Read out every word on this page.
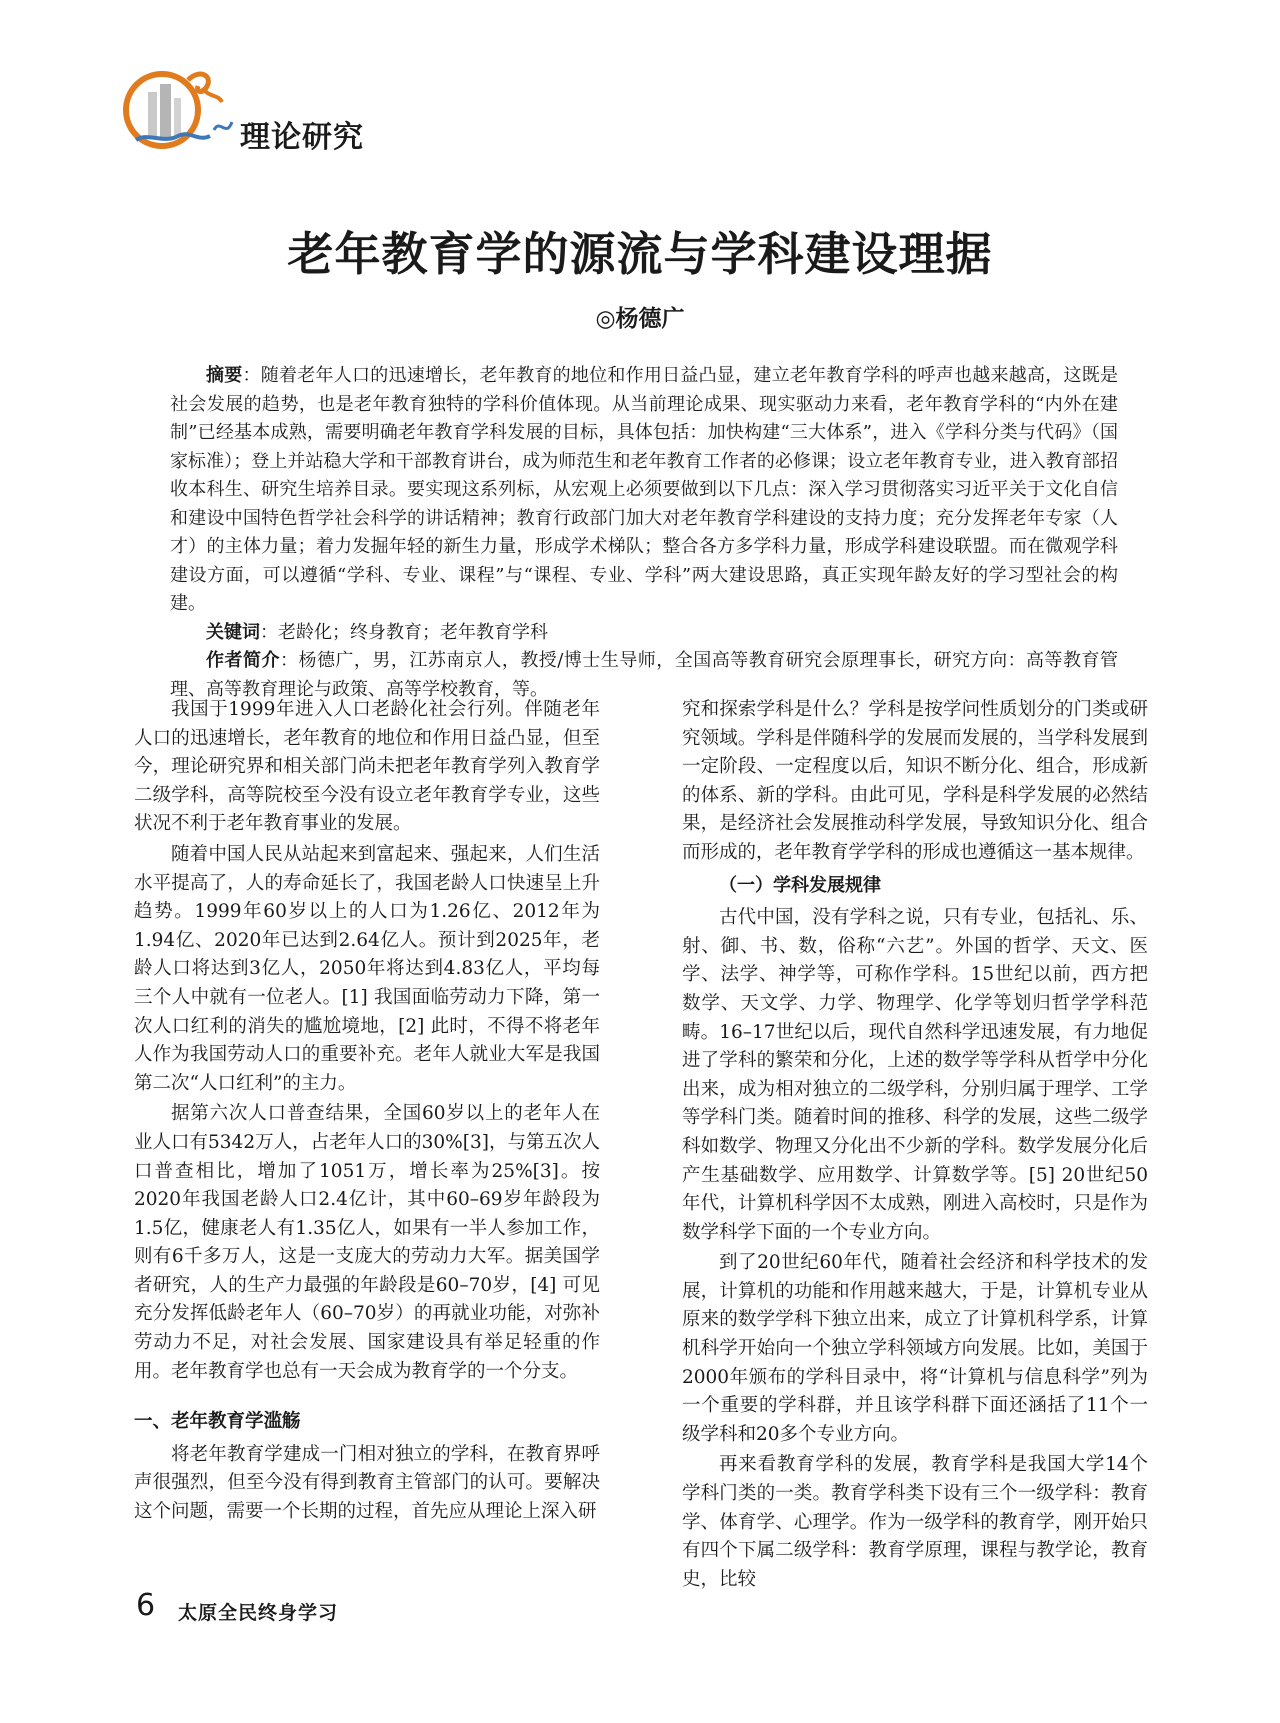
理论研究
老年教育学的源流与学科建设理据
◎杨德广

摘要：随着老年人口的迅速增长，老年教育的地位和作用日益凸显，建立老年教育学科的呼声也越来越高，这既是社会发展的趋势，也是老年教育独特的学科价值体现。从当前理论成果、现实驱动力来看，老年教育学科的“内外在建制”已经基本成熟，需要明确老年教育学科发展的目标，具体包括：加快构建“三大体系”，进入《学科分类与代码》（国家标准）；登上并站稳大学和干部教育讲台，成为师范生和老年教育工作者的必修课；设立老年教育专业，进入教育部招收本科生、研究生培养目录。要实现这系列标，从宏观上必须要做到以下几点：深入学习贯彻落实习近平关于文化自信和建设中国特色哲学社会科学的讲话精神；教育行政部门加大对老年教育学科建设的支持力度；充分发挥老年专家（人才）的主体力量；着力发掘年轻的新生力量，形成学术梯队；整合各方多学科力量，形成学科建设联盟。而在微观学科建设方面，可以遵循“学科、专业、课程”与“课程、专业、学科”两大建设思路，真正实现年龄友好的学习型社会的构建。

关键词：老龄化；终身教育；老年教育学科

作者简介：杨德广，男，江苏南京人，教授/博士生导师，全国高等教育研究会原理事长，研究方向：高等教育管理、高等教育理论与政策、高等学校教育，等。

我国于1999年进入人口老龄化社会行列。伴随老年人口的迅速增长，老年教育的地位和作用日益凸显，但至今，理论研究界和相关部门尚未把老年教育学列入教育学二级学科，高等院校至今没有设立老年教育学专业，这些状况不利于老年教育事业的发展。

随着中国人民从站起来到富起来、强起来，人们生活水平提高了，人的寿命延长了，我国老龄人口快速呈上升趋势。1999年60岁以上的人口为1.26亿、2012年为1.94亿、2020年已达到2.64亿人。预计到2025年，老龄人口将达到3亿人，2050年将达到4.83亿人，平均每三个人中就有一位老人。[1] 我国面临劳动力下降，第一次人口红利的消失的尴尬境地，[2] 此时，不得不将老年人作为我国劳动人口的重要补充。老年人就业大军是我国第二次“人口红利”的主力。

据第六次人口普查结果，全国60岁以上的老年人在业人口有5342万人，占老年人口的30%[3]，与第五次人口普查相比，增加了1051万，增长率为25%[3]。按2020年我国老龄人口2.4亿计，其中60–69岁年龄段为1.5亿，健康老人有1.35亿人，如果有一半人参加工作，则有6千多万人，这是一支庞大的劳动力大军。据美国学者研究，人的生产力最强的年龄段是60–70岁，[4] 可见充分发挥低龄老年人（60–70岁）的再就业功能，对弥补劳动力不足，对社会发展、国家建设具有举足轻重的作用。老年教育学也总有一天会成为教育学的一个分支。

一、老年教育学滥觞

将老年教育学建成一门相对独立的学科，在教育界呼声很强烈，但至今没有得到教育主管部门的认可。要解决这个问题，需要一个长期的过程，首先应从理论上深入研

究和探索学科是什么？学科是按学问性质划分的门类或研究领域。学科是伴随科学的发展而发展的，当学科发展到一定阶段、一定程度以后，知识不断分化、组合，形成新的体系、新的学科。由此可见，学科是科学发展的必然结果，是经济社会发展推动科学发展，导致知识分化、组合而形成的，老年教育学学科的形成也遵循这一基本规律。

（一）学科发展规律

古代中国，没有学科之说，只有专业，包括礼、乐、射、御、书、数，俗称“六艺”。外国的哲学、天文、医学、法学、神学等，可称作学科。15世纪以前，西方把数学、天文学、力学、物理学、化学等划归哲学学科范畴。16–17世纪以后，现代自然科学迅速发展，有力地促进了学科的繁荣和分化，上述的数学等学科从哲学中分化出来，成为相对独立的二级学科，分别归属于理学、工学等学科门类。随着时间的推移、科学的发展，这些二级学科如数学、物理又分化出不少新的学科。数学发展分化后产生基础数学、应用数学、计算数学等。[5] 20世纪50年代，计算机科学因不太成熟，刚进入高校时，只是作为数学科学下面的一个专业方向。

到了20世纪60年代，随着社会经济和科学技术的发展，计算机的功能和作用越来越大，于是，计算机专业从原来的数学学科下独立出来，成立了计算机科学系，计算机科学开始向一个独立学科领域方向发展。比如，美国于2000年颁布的学科目录中，将“计算机与信息科学”列为一个重要的学科群，并且该学科群下面还涵括了11个一级学科和20多个专业方向。

再来看教育学科的发展，教育学科是我国大学14个学科门类的一类。教育学科类下设有三个一级学科：教育学、体育学、心理学。作为一级学科的教育学，刚开始只有四个下属二级学科：教育学原理，课程与教学论，教育史，比较

6 太原全民终身学习
